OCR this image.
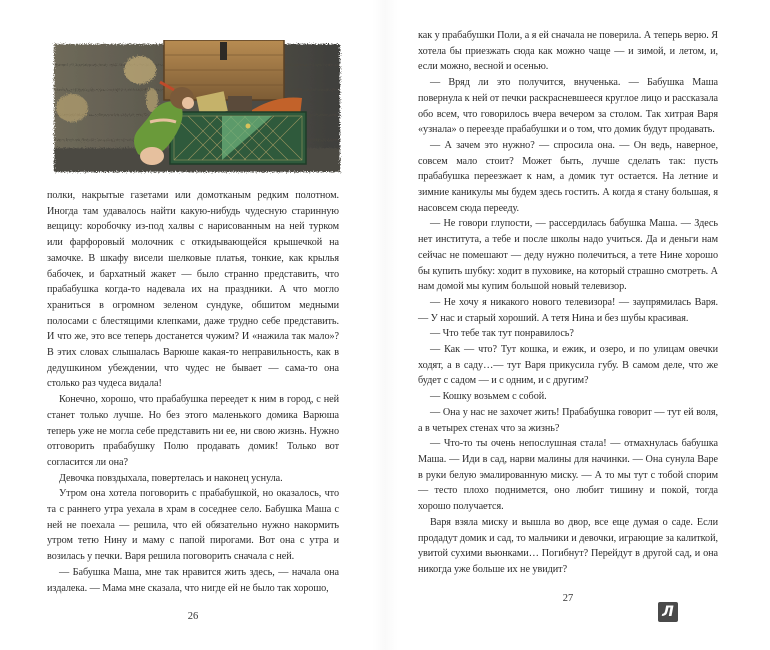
полки, накрытые газетами или домотканым редким полотном. Иногда там удавалось найти какую-нибудь чудесную старинную вещицу: коробочку из-под халвы с нарисованным на ней турком или фарфоровый молочник с откидывающейся крышечкой на замочке. В шкафу висели шелковые платья, тонкие, как крылья бабочек, и бархатный жакет — было странно представить, что прабабушка когда-то надевала их на праздники. А что могло храниться в огромном зеленом сундуке, обшитом медными полосами с блестящими клепками, даже трудно себе представить. И что же, это все теперь достанется чужим? И «нажила так мало»? В этих словах слышалась Варюше какая-то неправильность, как в дедушкином убеждении, что чудес не бывает — сама-то она столько раз чудеса видала!

Конечно, хорошо, что прабабушка переедет к ним в город, с ней станет только лучше. Но без этого маленького домика Варюша теперь уже не могла себе представить ни ее, ни свою жизнь. Нужно отговорить прабабушку Полю продавать домик! Только вот согласится ли она?

Девочка повздыхала, повертелась и наконец уснула.

Утром она хотела поговорить с прабабушкой, но оказалось, что та с раннего утра уехала в храм в соседнее село. Бабушка Маша с ней не поехала — решила, что ей обязательно нужно накормить утром тетю Нину и маму с папой пирогами. Вот она с утра и возилась у печки. Варя решила поговорить сначала с ней.

— Бабушка Маша, мне так нравится жить здесь, — начала она издалека. — Мама мне сказала, что нигде ей не было так хорошо,

26

как у прабабушки Поли, а я ей сначала не поверила. А теперь верю. Я хотела бы приезжать сюда как можно чаще — и зимой, и летом, и, если можно, весной и осенью.

— Вряд ли это получится, внученька. — Бабушка Маша повернула к ней от печки раскрасневшееся круглое лицо и рассказала обо всем, что говорилось вчера вечером за столом. Так хитрая Варя «узнала» о переезде прабабушки и о том, что домик будут продавать.

— А зачем это нужно? — спросила она. — Он ведь, наверное, совсем мало стоит? Может быть, лучше сделать так: пусть прабабушка переезжает к нам, а домик тут остается. На летние и зимние каникулы мы будем здесь гостить. А когда я стану большая, я насовсем сюда перееду.

— Не говори глупости, — рассердилась бабушка Маша. — Здесь нет института, а тебе и после школы надо учиться. Да и деньги нам сейчас не помешают — деду нужно полечиться, а тете Нине хорошо бы купить шубку: ходит в пуховике, на который страшно смотреть. А нам домой мы купим большой новый телевизор.

— Не хочу я никакого нового телевизора! — заупрямилась Варя. — У нас и старый хороший. А тетя Нина и без шубы красивая.

— Что тебе так тут понравилось?

— Как — что? Тут кошка, и ежик, и озеро, и по улицам овечки ходят, а в саду…— тут Варя прикусила губу. В самом деле, что же будет с садом — и с одним, и с другим?

— Кошку возьмем с собой.

— Она у нас не захочет жить! Прабабушка говорит — тут ей воля, а в четырех стенах что за жизнь?

— Что-то ты очень непослушная стала! — отмахнулась бабушка Маша. — Иди в сад, нарви малины для начинки. — Она сунула Варе в руки белую эмалированную миску. — А то мы тут с тобой спорим — тесто плохо поднимется, оно любит тишину и покой, тогда хорошо получается.

Варя взяла миску и вышла во двор, все еще думая о саде. Если продадут домик и сад, то мальчики и девочки, играющие за калиткой, увитой сухими вьюнками… Погибнут? Перейдут в другой сад, и она никогда уже больше их не увидит?

27
Л
